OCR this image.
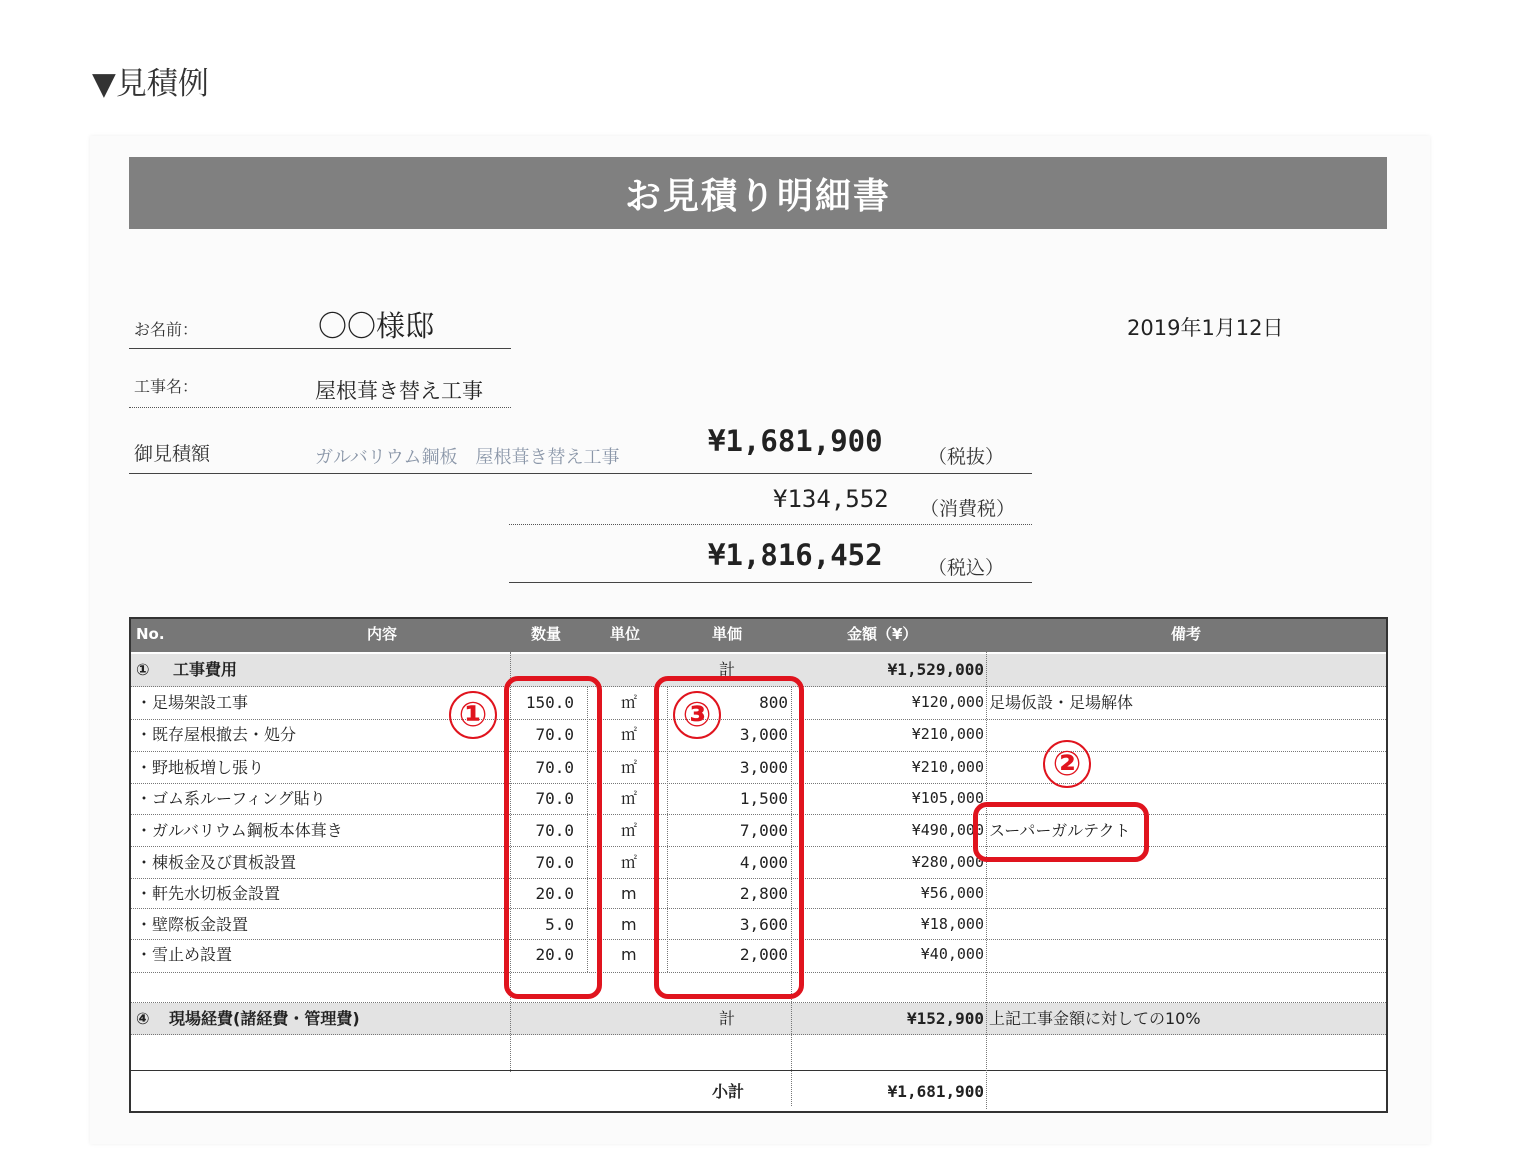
▼見積例
お見積り明細書
お名前：	〇〇様邸	2019年1月12日
工事名：	屋根葺き替え工事
御見積額	ガルバリウム鋼板　屋根葺き替え工事	¥1,681,900 （税抜）
¥134,552 （消費税）
¥1,816,452 （税込）
No.	内容	数量	単位	単価	金額（¥）	備考
① 工事費用	計	¥1,529,000
・足場架設工事	150.0	㎡	800	¥120,000 足場仮設・足場解体
・既存屋根撤去・処分	70.0	㎡	3,000	¥210,000
・野地板増し張り	70.0	㎡	3,000	¥210,000
・ゴム系ルーフィング貼り	70.0	㎡	1,500	¥105,000
・ガルバリウム鋼板本体葺き	70.0	㎡	7,000	¥490,000 スーパーガルテクト
・棟板金及び貫板設置	70.0	㎡	4,000	¥280,000
・軒先水切板金設置	20.0	m	2,800	¥56,000
・壁際板金設置	5.0	m	3,600	¥18,000
・雪止め設置	20.0	m	2,000	¥40,000
④ 現場経費(諸経費・管理費)	計	¥152,900 上記工事金額に対しての10%
小計	¥1,681,900
①	③
②
